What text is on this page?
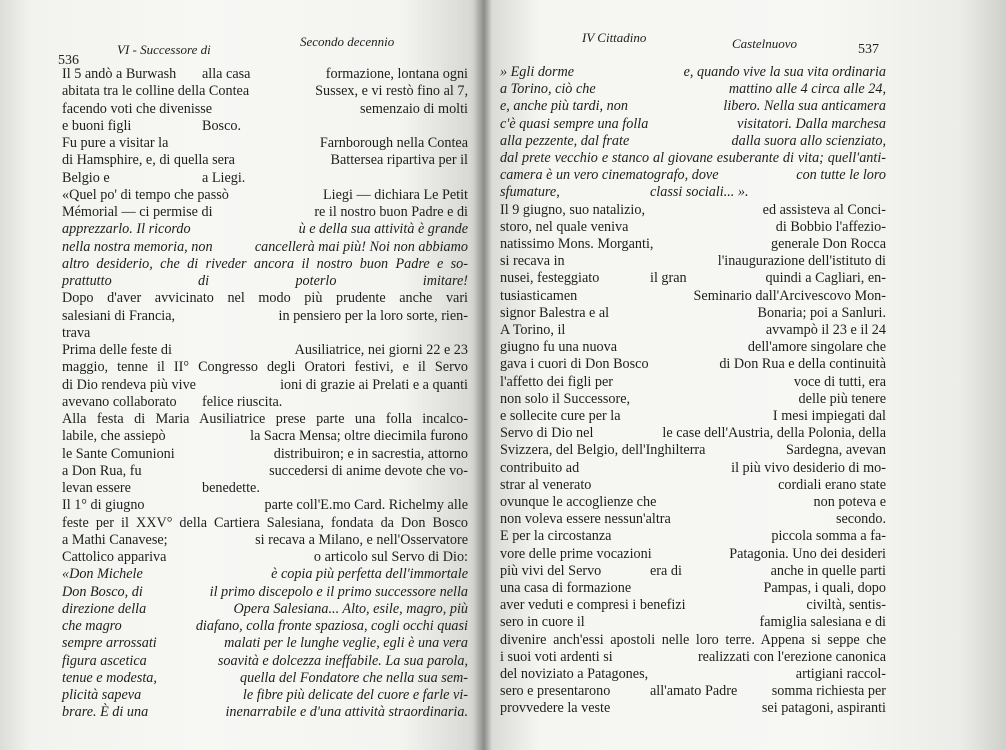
536
VI - Successore di
Secondo decennio
Il 5 andò a Burwash alla casa	formazione, lontana ogni
abitata tra le colline della Contea	Sussex, e vi restò fino al 7,
facendo voti che divenisse	semenzaio di molti
e buoni figli	Bosco.
Fu pure a visitar la	Farnborough nella Contea
di Hamsphire, e, di quella sera	Battersea ripartiva per il
Belgio e	a Liegi.
«Quel po' di tempo che passò	Liegi — dichiara Le Petit
Mémorial — ci permise di	re il nostro buon Padre e di
apprezzarlo. Il ricordo	ù e della sua attività è grande
nella nostra memoria, non	cancellerà mai più! Noi non abbiamo
altro desiderio, che di riveder ancora il nostro buon Padre e so-
prattutto di poterlo imitare!
Dopo d'aver avvicinato nel modo più prudente anche vari
salesiani di Francia,	in pensiero per la loro sorte, rien-
trava
Prima delle feste di	Ausiliatrice, nei giorni 22 e 23
maggio, tenne il II° Congresso degli Oratori festivi, e il Servo
di Dio rendeva più vive	ioni di grazie ai Prelati e a quanti
avevano collaborato felice riuscita.
Alla festa di Maria Ausiliatrice prese parte una folla incalco-
labile, che assiepò	la Sacra Mensa; oltre diecimila furono
le Sante Comunioni	distribuiron; e in sacrestia, attorno
a Don Rua, fu	succedersi di anime devote che vo-
levan essere	benedette.
Il 1° di giugno	parte coll'E.mo Card. Richelmy alle
feste per il XXV° della Cartiera Salesiana, fondata da Don Bosco
a Mathi Canavese;	si recava a Milano, e nell'Osservatore
Cattolico appariva	o articolo sul Servo di Dio:
«Don Michele	è copia più perfetta dell'immortale
Don Bosco, di	il primo discepolo e il primo successore nella
direzione della	Opera Salesiana... Alto, esile, magro, più
che magro	diafano, colla fronte spaziosa, cogli occhi quasi
sempre arrossati	malati per le lunghe veglie, egli è una vera
figura ascetica	soavità e dolcezza ineffabile. La sua parola,
tenue e modesta,	quella del Fondatore che nella sua sem-
plicità sapeva	le fibre più delicate del cuore e farle vi-
brare. È di una	inenarrabile e d'una attività straordinaria.
IV Cittadino	Castelnuovo	537
» Egli dorme	e, quando vive la sua vita ordinaria
a Torino, ciò che	mattino alle 4 circa alle 24,
e, anche più tardi, non	libero. Nella sua anticamera
c'è quasi sempre una folla	visitatori. Dalla marchesa
alla pezzente, dal frate	dalla suora allo scienziato,
dal prete vecchio e stanco al giovane esuberante di vita; quell'anti-
camera è un vero cinematografo, dove	con tutte le loro
sfumature,	classi sociali... ».
Il 9 giugno, suo natalizio,	ed assisteva al Conci-
storo, nel quale veniva	di Bobbio l'affezio-
natissimo Mons. Morganti,	generale Don Rocca
si recava in	l'inaugurazione dell'istituto di
nusei, festeggiato	il gran	quindi a Cagliari, en-
tusiasticamen	Seminario dall'Arcivescovo Mon-
signor Balestra e al	Bonaria; poi a Sanluri.
A Torino, il	avvampò il 23 e il 24
giugno fu una nuova	dell'amore singolare che
gava i cuori di Don Bosco	di Don Rua e della continuità
l'affetto dei figli per	voce di tutti, era
non solo il Successore,	delle più tenere
e sollecite cure per la	I mesi impiegati dal
Servo di Dio nel	le case dell'Austria, della Polonia, della
Svizzera, del Belgio, dell'Inghilterra	Sardegna, avevan
contribuito ad	il più vivo desiderio di mo-
strar al venerato	cordiali erano state
ovunque le accoglienze che	non poteva e
non voleva essere nessun'altra	secondo.
E per la circostanza	piccola somma a fa-
vore delle prime vocazioni	Patagonia. Uno dei desideri
più vivi del Servo	era di	anche in quelle parti
una casa di formazione	Pampas, i quali, dopo
aver veduti e compresi i benefizi	civiltà, sentis-
sero in cuore il	famiglia salesiana e di
divenire anch'essi apostoli nelle loro terre. Appena si seppe che
i suoi voti ardenti si	realizzati con l'erezione canonica
del noviziato a Patagones,	artigiani raccol-
sero e presentarono	all'amato Padre somma richiesta per
provvedere la veste	sei patagoni, aspiranti
